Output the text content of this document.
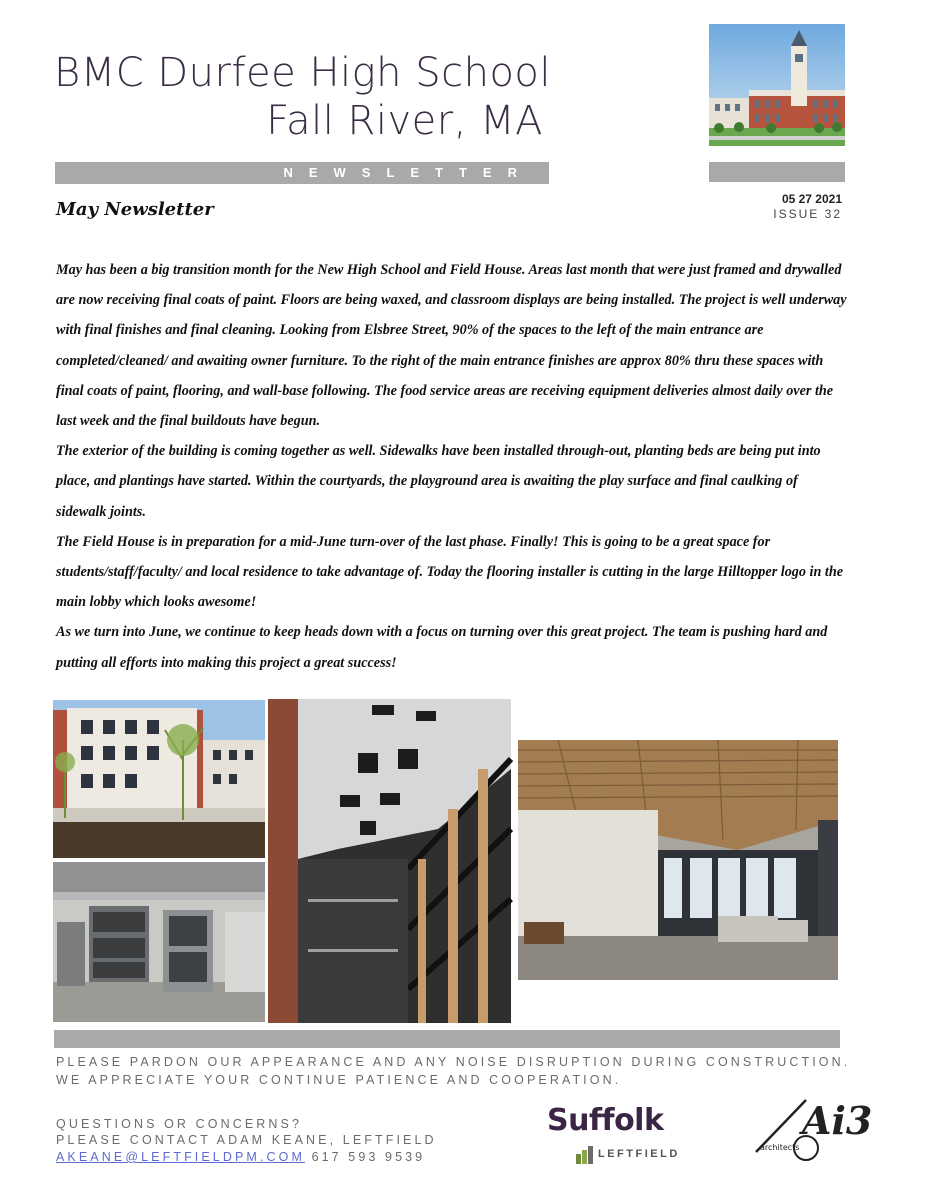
BMC Durfee High School
Fall River, MA
NEWSLETTER
05 27 2021
ISSUE 32
May Newsletter

May has been a big transition month for the New High School and Field House. Areas last month that were just framed and drywalled are now receiving final coats of paint. Floors are being waxed, and classroom displays are being installed. The project is well underway with final finishes and final cleaning. Looking from Elsbree Street, 90% of the spaces to the left of the main entrance are completed/cleaned/ and awaiting owner furniture. To the right of the main entrance finishes are approx 80% thru these spaces with final coats of paint, flooring, and wall-base following. The food service areas are receiving equipment deliveries almost daily over the last week and the final buildouts have begun.

The exterior of the building is coming together as well. Sidewalks have been installed through-out, planting beds are being put into place, and plantings have started. Within the courtyards, the playground area is awaiting the play surface and final caulking of sidewalk joints.

The Field House is in preparation for a mid-June turn-over of the last phase. Finally! This is going to be a great space for students/staff/faculty/ and local residence to take advantage of. Today the flooring installer is cutting in the large Hilltopper logo in the main lobby which looks awesome!

As we turn into June, we continue to keep heads down with a focus on turning over this great project. The team is pushing hard and putting all efforts into making this project a great success!

PLEASE PARDON OUR APPEARANCE AND ANY NOISE DISRUPTION DURING CONSTRUCTION.
WE APPRECIATE YOUR CONTINUE PATIENCE AND COOPERATION.
QUESTIONS OR CONCERNS?
PLEASE CONTACT ADAM KEANE, LEFTFIELD
AKEANE@LEFTFIELDPM.COM 617 593 9539
Suffolk
LEFTFIELD
Ai3
architects
